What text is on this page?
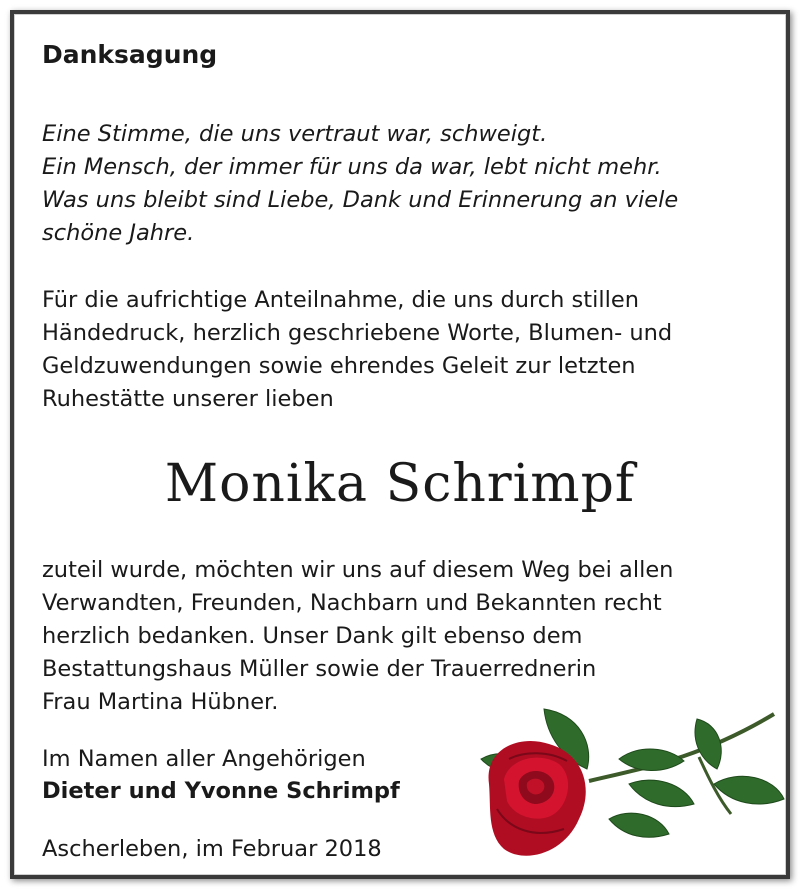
Danksagung
Eine Stimme, die uns vertraut war, schweigt.
Ein Mensch, der immer für uns da war, lebt nicht mehr.
Was uns bleibt sind Liebe, Dank und Erinnerung an viele
schöne Jahre.
Für die aufrichtige Anteilnahme, die uns durch stillen
Händedruck, herzlich geschriebene Worte, Blumen- und
Geldzuwendungen sowie ehrendes Geleit zur letzten
Ruhestätte unserer lieben
Monika Schrimpf
zuteil wurde, möchten wir uns auf diesem Weg bei allen
Verwandten, Freunden, Nachbarn und Bekannten recht
herzlich bedanken. Unser Dank gilt ebenso dem
Bestattungshaus Müller sowie der Trauerrednerin
Frau Martina Hübner.
Im Namen aller Angehörigen
Dieter und Yvonne Schrimpf
Ascherleben, im Februar 2018
